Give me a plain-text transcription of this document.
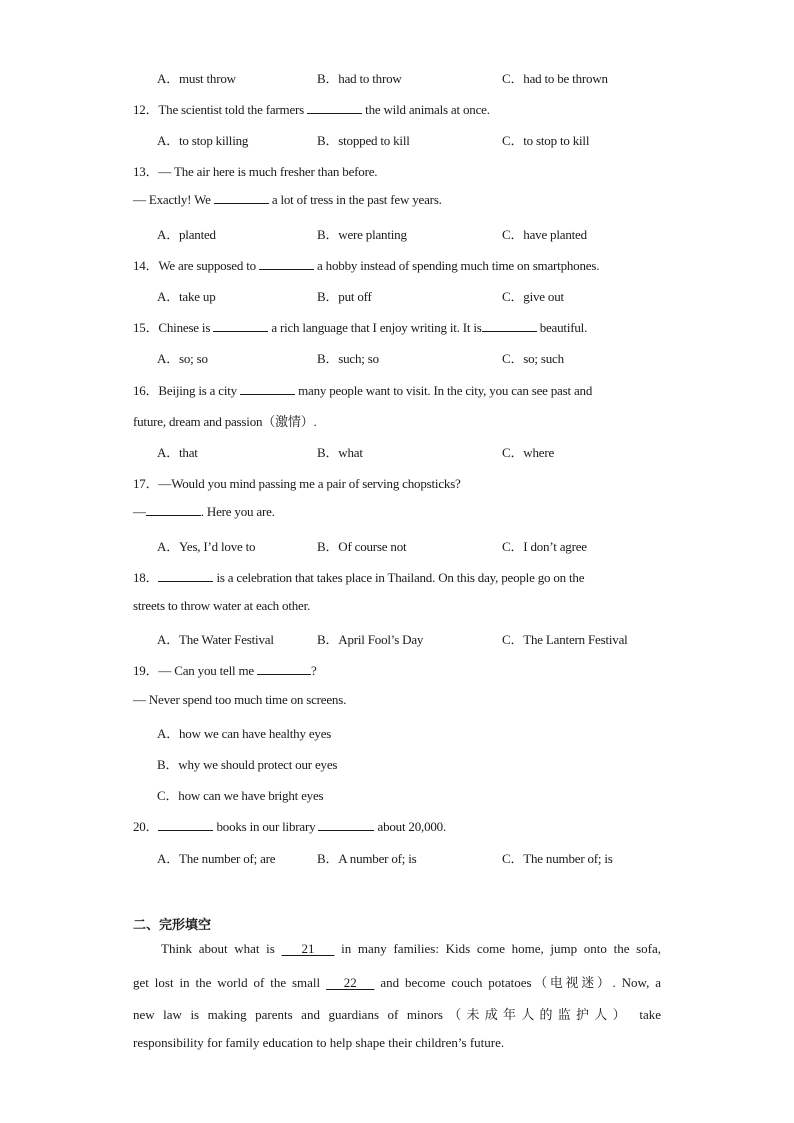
A．must throw	B．had to throw	C．had to be thrown
12．The scientist told the farmers	the wild animals at once.
A．to stop killing	B．stopped to kill	C．to stop to kill
13．— The air here is much fresher than before.
— Exactly! We	a lot of tress in the past few years.
A．planted	B．were planting	C．have planted
14．We are supposed to	a hobby instead of spending much time on smartphones.
A．take up	B．put off	C．give out
15．Chinese is	a rich language that I enjoy writing it. It is	beautiful.
A．so; so	B．such; so	C．so; such
16．Beijing is a city	many people want to visit. In the city, you can see past and
future, dream and passion（激情）.
A．that	B．what	C．where
17．—Would you mind passing me a pair of serving chopsticks?
—	. Here you are.
A．Yes, I’d love to	B．Of course not	C．I don’t agree
18．	is a celebration that takes place in Thailand. On this day, people go on the
streets to throw water at each other.
A．The Water Festival	B．April Fool’s Day	C．The Lantern Festival
19．— Can you tell me	?
— Never spend too much time on screens.
A．how we can have healthy eyes
B．why we should protect our eyes
C．how can we have bright eyes
20．	books in our library	about 20,000.
A．The number of; are	B．A number of; is	C．The number of; is
二、完形填空
Think about what is    21    in many families: Kids come home, jump onto the sofa,
get lost in the world of the small    22    and become couch potatoes（电视迷）. Now, a
new law is making parents and guardians of minors（未成年人的监护人） take
responsibility for family education to help shape their children’s future.
